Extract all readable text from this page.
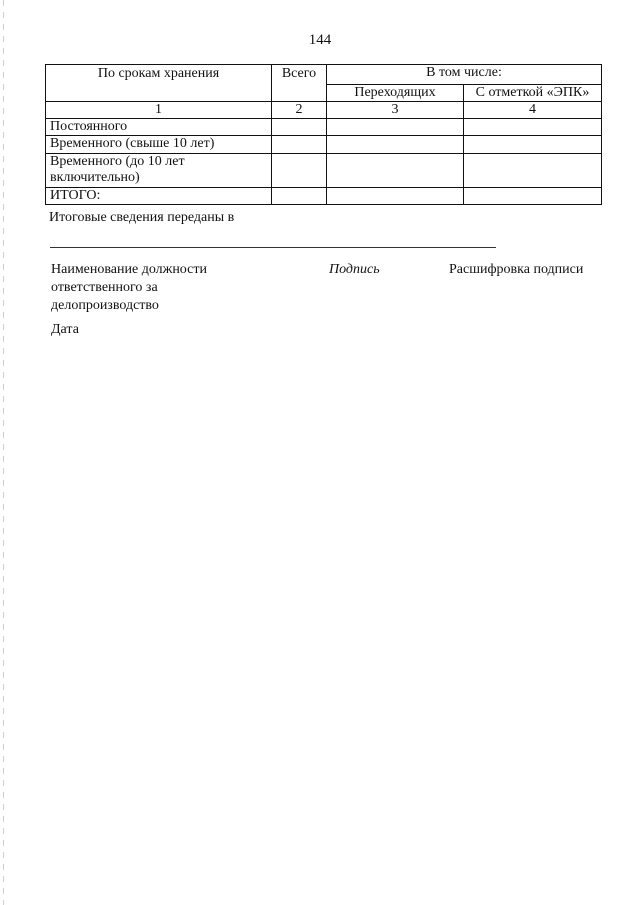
144
По срокам хранения	Всего	В том числе:	
		Переходящих	С отметкой «ЭПК»
1	2	3	4
Постоянного			
Временного (свыше 10 лет)			
Временного (до 10 лет включительно)			
ИТОГО:			
Итоговые сведения переданы в
Наименование должности ответственного за делопроизводство
Подпись	Расшифровка подписи
Дата
